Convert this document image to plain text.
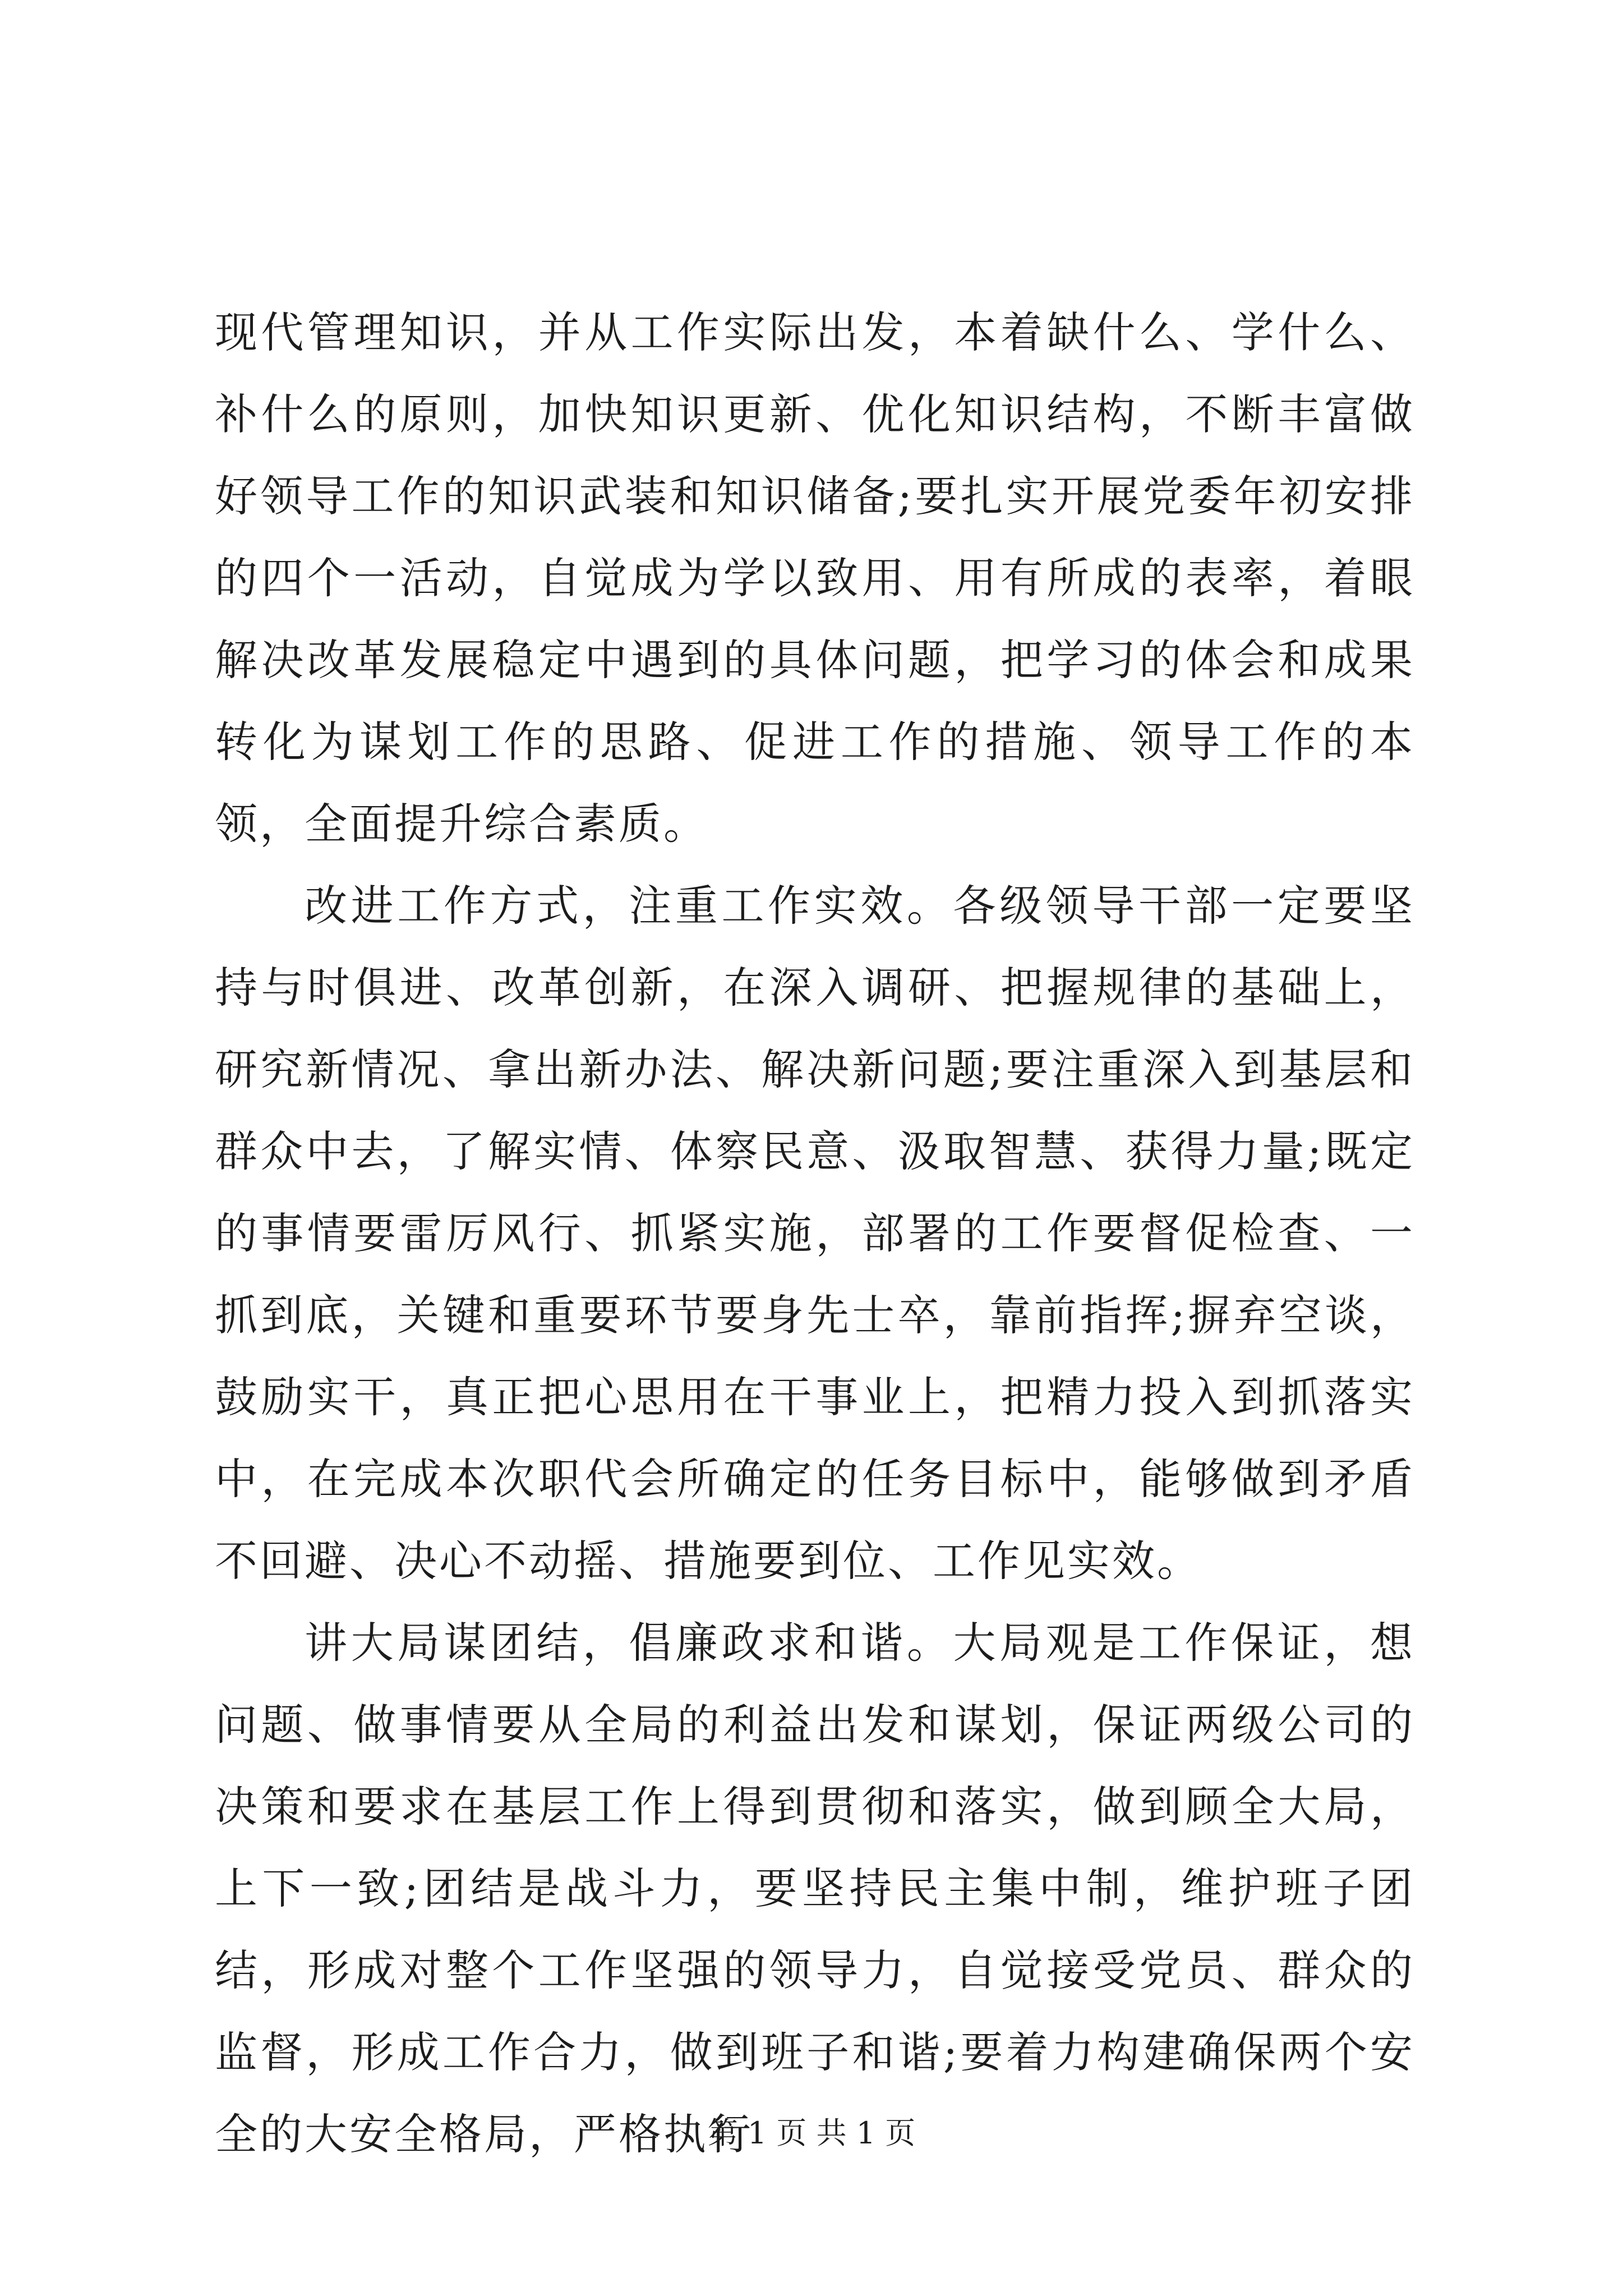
现代管理知识，并从工作实际出发，本着缺什么、学什么、补什么的原则，加快知识更新、优化知识结构，不断丰富做好领导工作的知识武装和知识储备;要扎实开展党委年初安排的四个一活动，自觉成为学以致用、用有所成的表率，着眼解决改革发展稳定中遇到的具体问题，把学习的体会和成果转化为谋划工作的思路、促进工作的措施、领导工作的本领，全面提升综合素质。

改进工作方式，注重工作实效。各级领导干部一定要坚持与时俱进、改革创新，在深入调研、把握规律的基础上，研究新情况、拿出新办法、解决新问题;要注重深入到基层和群众中去，了解实情、体察民意、汲取智慧、获得力量;既定的事情要雷厉风行、抓紧实施，部署的工作要督促检查、一抓到底，关键和重要环节要身先士卒，靠前指挥;摒弃空谈，鼓励实干，真正把心思用在干事业上，把精力投入到抓落实中，在完成本次职代会所确定的任务目标中，能够做到矛盾不回避、决心不动摇、措施要到位、工作见实效。

讲大局谋团结，倡廉政求和谐。大局观是工作保证，想问题、做事情要从全局的利益出发和谋划，保证两级公司的决策和要求在基层工作上得到贯彻和落实，做到顾全大局，上下一致;团结是战斗力，要坚持民主集中制，维护班子团结，形成对整个工作坚强的领导力，自觉接受党员、群众的监督，形成工作合力，做到班子和谐;要着力构建确保两个安全的大安全格局，严格执行

第 1 页 共 1 页
